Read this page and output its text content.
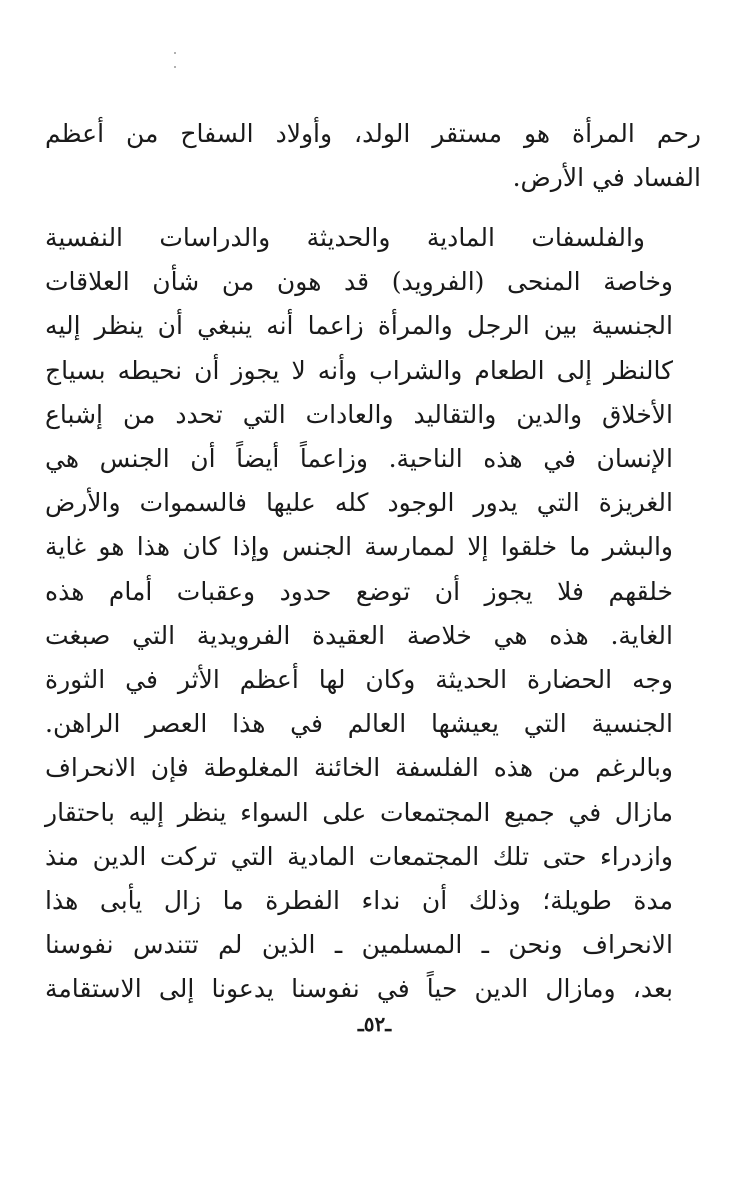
رحم المرأة هو مستقر الولد، وأولاد السفاح من أعظم
الفساد في الأرض.
والفلسفات المادية والحديثة والدراسات النفسية
وخاصة المنحى (الفرويد) قد هون من شأن العلاقات
الجنسية بين الرجل والمرأة زاعما أنه ينبغي أن ينظر إليه
كالنظر إلى الطعام والشراب وأنه لا يجوز أن نحيطه بسياج
الأخلاق والدين والتقاليد والعادات التي تحدد من إشباع
الإنسان في هذه الناحية. وزاعماً أيضاً أن الجنس هي
الغريزة التي يدور الوجود كله عليها فالسموات والأرض
والبشر ما خلقوا إلا لممارسة الجنس وإذا كان هذا هو غاية
خلقهم فلا يجوز أن توضع حدود وعقبات أمام هذه
الغاية. هذه هي خلاصة العقيدة الفرويدية التي صبغت
وجه الحضارة الحديثة وكان لها أعظم الأثر في الثورة
الجنسية التي يعيشها العالم في هذا العصر الراهن.
وبالرغم من هذه الفلسفة الخائنة المغلوطة فإن الانحراف
مازال في جميع المجتمعات على السواء ينظر إليه باحتقار
وازدراء حتى تلك المجتمعات المادية التي تركت الدين منذ
مدة طويلة؛ وذلك أن نداء الفطرة ما زال يأبى هذا
الانحراف ونحن ـ المسلمين ـ الذين لم تتندس نفوسنا
بعد، ومازال الدين حياً في نفوسنا يدعونا إلى الاستقامة
ـ٥٢ـ
